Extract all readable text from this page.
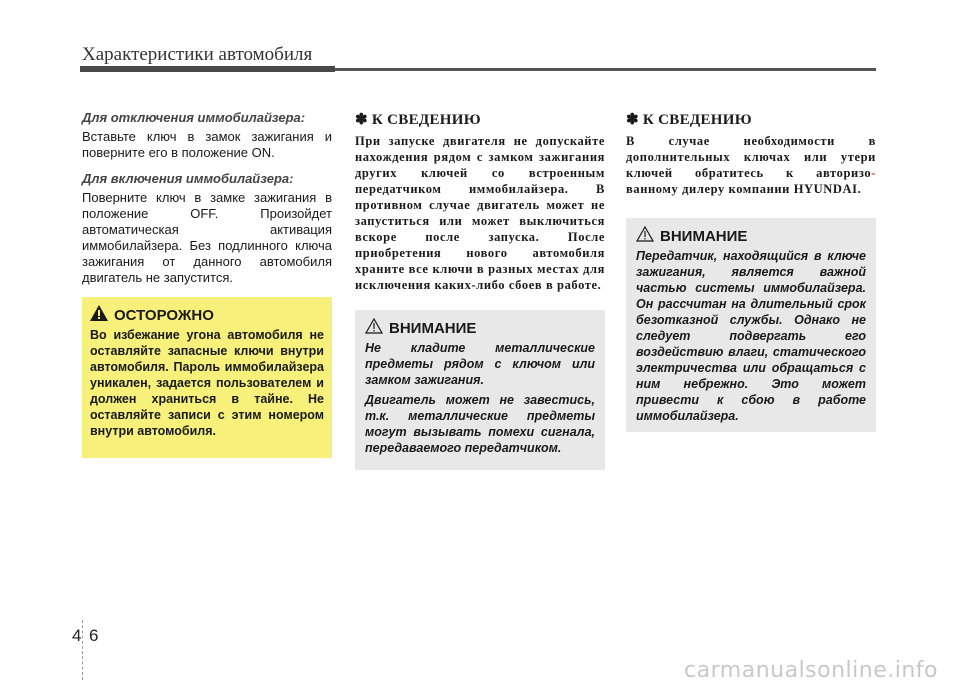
Характеристики автомобиля

Для отключения иммобилайзера:

Вставьте ключ в замок зажигания и поверните его в положение ON.

Для включения иммобилайзера:

Поверните ключ в замке зажигания в положение OFF. Произойдет автоматическая активация иммобилайзера. Без подлинного ключа зажигания от данного автомобиля двигатель не запустится.

ОСТОРОЖНО

Во избежание угона автомобиля не оставляйте запасные ключи внутри автомобиля. Пароль иммобилайзера уникален, задается пользователем и должен храниться в тайне. Не оставляйте записи с этим номером внутри автомобиля.

✽ К СВЕДЕНИЮ

При запуске двигателя не допускайте нахождения рядом с замком зажигания других ключей со встроенным передатчиком иммобилайзера. В противном случае двигатель может не запуститься или может выключиться вскоре после запуска. После приобретения нового автомобиля храните все ключи в разных местах для исключения каких-либо сбоев в работе.

ВНИМАНИЕ

Не кладите металлические предметы рядом с ключом или замком зажигания.

Двигатель может не завестись, т.к. металлические предметы могут вызывать помехи сигнала, передаваемого передатчиком.

✽ К СВЕДЕНИЮ

В случае необходимости в дополнительных ключах или утери ключей обратитесь к авторизо- ванному дилеру компании HYUNDAI.

ВНИМАНИЕ

Передатчик, находящийся в ключе зажигания, является важной частью системы иммобилайзера. Он рассчитан на длительный срок безотказной службы. Однако не следует подвергать его воздействию влаги, статического электричества или обращаться с ним небрежно. Это может привести к сбою в работе иммобилайзера.

4 6
carmanualsonline.info
